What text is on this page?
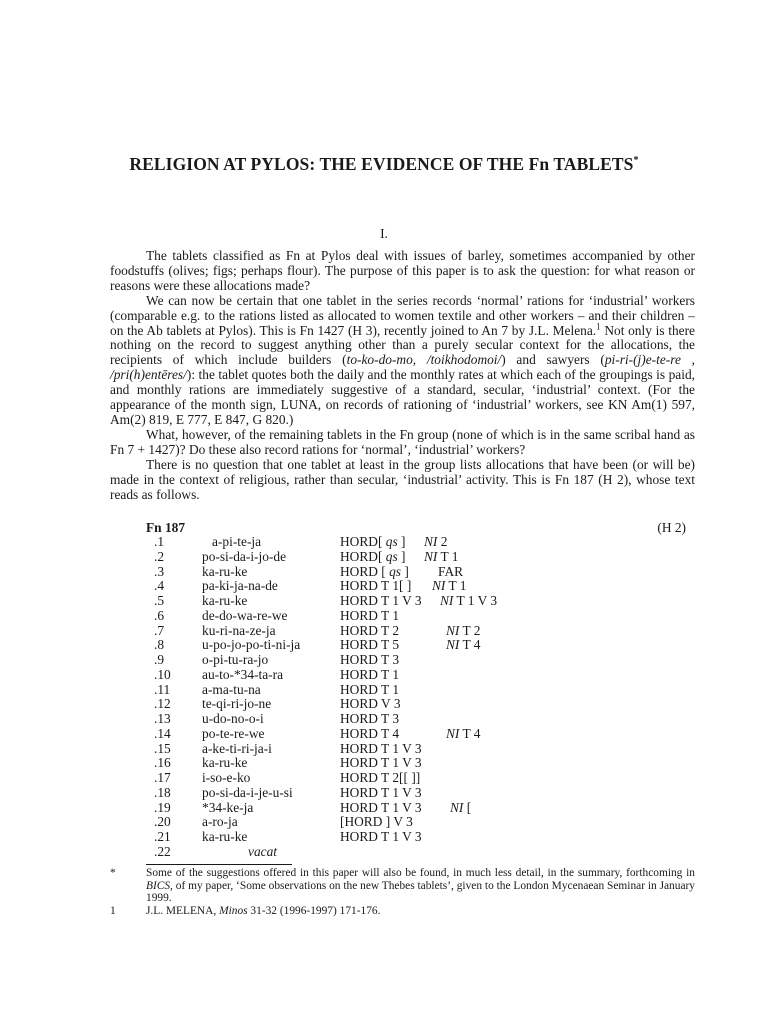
RELIGION AT PYLOS: THE EVIDENCE OF THE Fn TABLETS*
I.

The tablets classified as Fn at Pylos deal with issues of barley, sometimes accompanied by other foodstuffs (olives; figs; perhaps flour). The purpose of this paper is to ask the question: for what reason or reasons were these allocations made?

We can now be certain that one tablet in the series records ‘normal’ rations for ‘industrial’ workers (comparable e.g. to the rations listed as allocated to women textile and other workers – and their children – on the Ab tablets at Pylos). This is Fn 1427 (H 3), recently joined to An 7 by J.L. Melena.$^1$ Not only is there nothing on the record to suggest anything other than a purely secular context for the allocations, the recipients of which include builders (to-ko-do-mo, /toikhodomoi/) and sawyers (pi-ri-(j)e-te-re , /pri(h)entēres/): the tablet quotes both the daily and the monthly rates at which each of the groupings is paid, and monthly rations are immediately suggestive of a standard, secular, ‘industrial’ context. (For the appearance of the month sign, LUNA, on records of rationing of ‘industrial’ workers, see KN Am(1) 597, Am(2) 819, E 777, E 847, G 820.)

What, however, of the remaining tablets in the Fn group (none of which is in the same scribal hand as Fn 7 + 1427)? Do these also record rations for ‘normal’, ‘industrial’ workers?

There is no question that one tablet at least in the group lists allocations that have been (or will be) made in the context of religious, rather than secular, ‘industrial’ activity. This is Fn 187 (H 2), whose text reads as follows.

Fn 187	(H 2)
.1	a-pi-te-ja	HORD[ qs ] NI 2
.2	po-si-da-i-jo-de	HORD[ qs ] NI T 1
.3	ka-ru-ke	HORD [ qs ] FAR
.4	pa-ki-ja-na-de	HORD T 1[ ] NI T 1
.5	ka-ru-ke	HORD T 1 V 3 NI T 1 V 3
.6	de-do-wa-re-we	HORD T 1
.7	ku-ri-na-ze-ja	HORD T 2	NI T 2
.8	u-po-jo-po-ti-ni-ja	HORD T 5	NI T 4
.9	o-pi-tu-ra-jo	HORD T 3
.10 au-to-*34-ta-ra	HORD T 1
.11 a-ma-tu-na	HORD T 1
.12 te-qi-ri-jo-ne	HORD V 3
.13 u-do-no-o-i	HORD T 3
.14 po-te-re-we	HORD T 4	NI T 4
.15 a-ke-ti-ri-ja-i	HORD T 1 V 3
.16 ka-ru-ke	HORD T 1 V 3
.17 i-so-e-ko	HORD T 2[[ ]]
.18 po-si-da-i-je-u-si	HORD T 1 V 3
.19 *34-ke-ja	HORD T 1 V 3 NI [
.20 a-ro-ja	[HORD ] V 3
.21 ka-ru-ke	HORD T 1 V 3
.22	vacat
*	Some of the suggestions offered in this paper will also be found, in much less detail, in the summary, forthcoming in BICS, of my paper, ‘Some observations on the new Thebes tablets’, given to the London Mycenaean Seminar in January 1999.
1	J.L. MELENA, Minos 31-32 (1996-1997) 171-176.
